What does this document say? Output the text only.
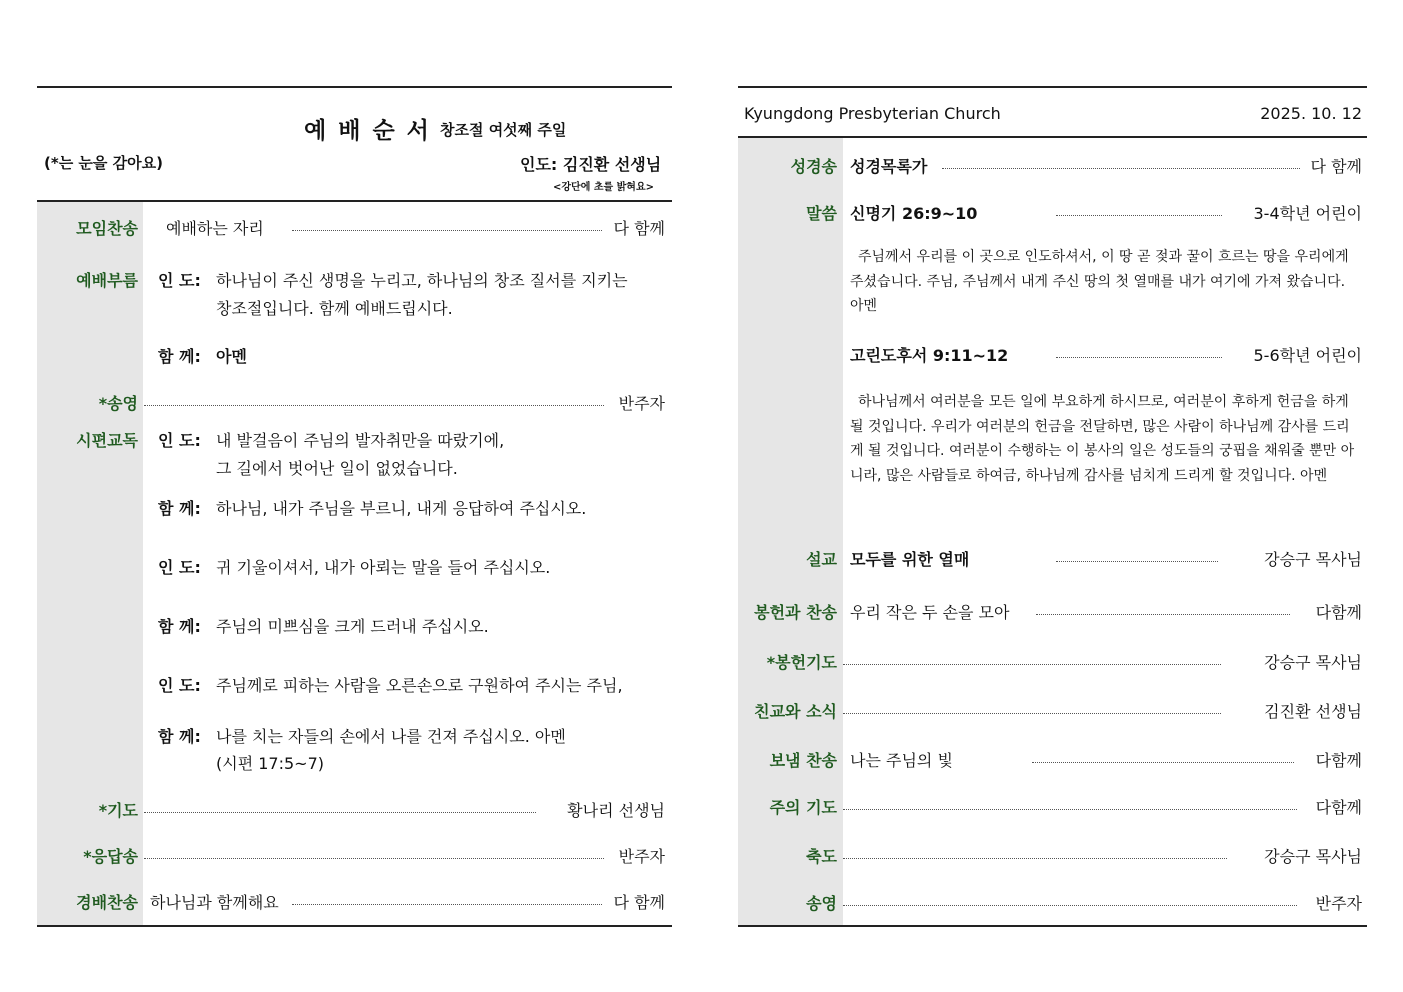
예 배 순 서 창조절 여섯째 주일
(*는 눈을 감아요)	인도: 김진환 선생님
<강단에 초를 밝혀요>
모임찬송 예배하는 자리	다 함께
예배부름 인 도: 하나님이 주신 생명을 누리고, 하나님의 창조 질서를 지키는
창조절입니다. 함께 예배드립시다.
함 께: 아멘
*송영	반주자
시편교독 인 도: 내 발걸음이 주님의 발자취만을 따랐기에,
그 길에서 벗어난 일이 없었습니다.
함 께: 하나님, 내가 주님을 부르니, 내게 응답하여 주십시오.
인 도: 귀 기울이셔서, 내가 아뢰는 말을 들어 주십시오.
함 께: 주님의 미쁘심을 크게 드러내 주십시오.
인 도: 주님께로 피하는 사람을 오른손으로 구원하여 주시는 주님,
함 께: 나를 치는 자들의 손에서 나를 건져 주십시오. 아멘
(시편 17:5~7)
*기도	황나리 선생님
*응답송	반주자
경배찬송 하나님과 함께해요	다 함께
Kyungdong Presbyterian Church	2025. 10. 12
성경송 성경목록가	다 함께
말씀 신명기 26:9~10	3-4학년 어린이
주님께서 우리를 이 곳으로 인도하셔서, 이 땅 곧 젖과 꿀이 흐르는 땅을 우리에게 주셨습니다. 주님, 주님께서 내게 주신 땅의 첫 열매를 내가 여기에 가져 왔습니다. 아멘
고린도후서 9:11~12	5-6학년 어린이
하나님께서 여러분을 모든 일에 부요하게 하시므로, 여러분이 후하게 헌금을 하게 될 것입니다. 우리가 여러분의 헌금을 전달하면, 많은 사람이 하나님께 감사를 드리게 될 것입니다. 여러분이 수행하는 이 봉사의 일은 성도들의 궁핍을 채워줄 뿐만 아니라, 많은 사람들로 하여금, 하나님께 감사를 넘치게 드리게 할 것입니다. 아멘
설교 모두를 위한 열매	강승구 목사님
봉헌과 찬송 우리 작은 두 손을 모아	다함께
*봉헌기도	강승구 목사님
친교와 소식	김진환 선생님
보냄 찬송 나는 주님의 빛	다함께
주의 기도	다함께
축도	강승구 목사님
송영	반주자
